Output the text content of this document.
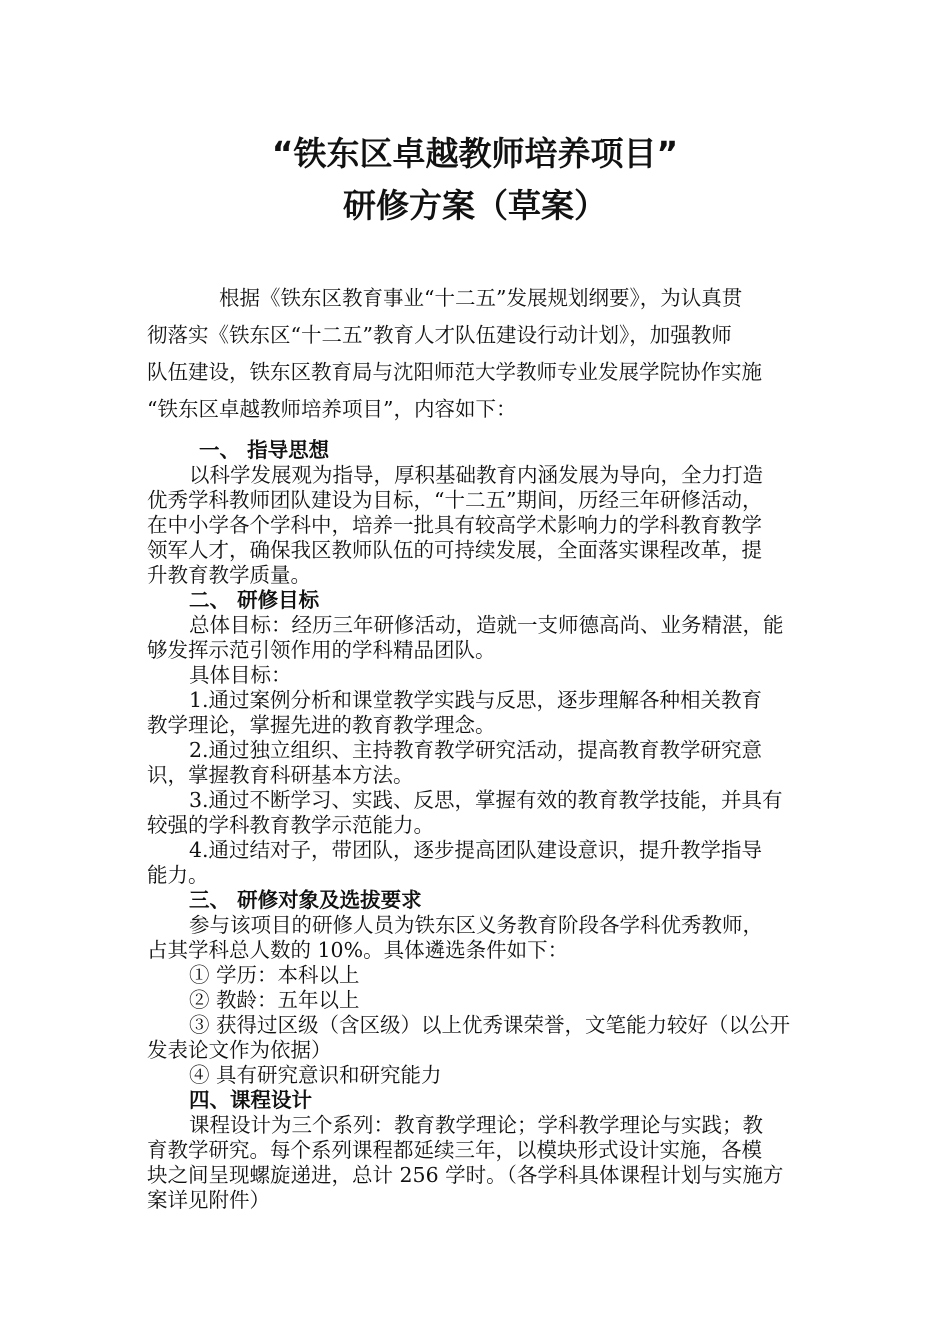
“铁东区卓越教师培养项目”
研修方案（草案）

根据《铁东区教育事业“十二五”发展规划纲要》，为认真贯
彻落实《铁东区“十二五”教育人才队伍建设行动计划》，加强教师
队伍建设，铁东区教育局与沈阳师范大学教师专业发展学院协作实施
“铁东区卓越教师培养项目”，内容如下：

一、 指导思想
以科学发展观为指导，厚积基础教育内涵发展为导向，全力打造
优秀学科教师团队建设为目标，“十二五”期间，历经三年研修活动，
在中小学各个学科中，培养一批具有较高学术影响力的学科教育教学
领军人才，确保我区教师队伍的可持续发展，全面落实课程改革，提
升教育教学质量。
二、 研修目标
总体目标：经历三年研修活动，造就一支师德高尚、业务精湛，能
够发挥示范引领作用的学科精品团队。
具体目标：
1.通过案例分析和课堂教学实践与反思，逐步理解各种相关教育
教学理论，掌握先进的教育教学理念。
2.通过独立组织、主持教育教学研究活动，提高教育教学研究意
识，掌握教育科研基本方法。
3.通过不断学习、实践、反思，掌握有效的教育教学技能，并具有
较强的学科教育教学示范能力。
4.通过结对子，带团队，逐步提高团队建设意识，提升教学指导
能力。
三、 研修对象及选拔要求
参与该项目的研修人员为铁东区义务教育阶段各学科优秀教师，
占其学科总人数的 10%。具体遴选条件如下：
① 学历：本科以上
② 教龄：五年以上
③ 获得过区级（含区级）以上优秀课荣誉，文笔能力较好（以公开
发表论文作为依据）
④ 具有研究意识和研究能力
四、课程设计
课程设计为三个系列：教育教学理论；学科教学理论与实践；教
育教学研究。每个系列课程都延续三年，以模块形式设计实施，各模
块之间呈现螺旋递进，总计 256 学时。（各学科具体课程计划与实施方
案详见附件）
